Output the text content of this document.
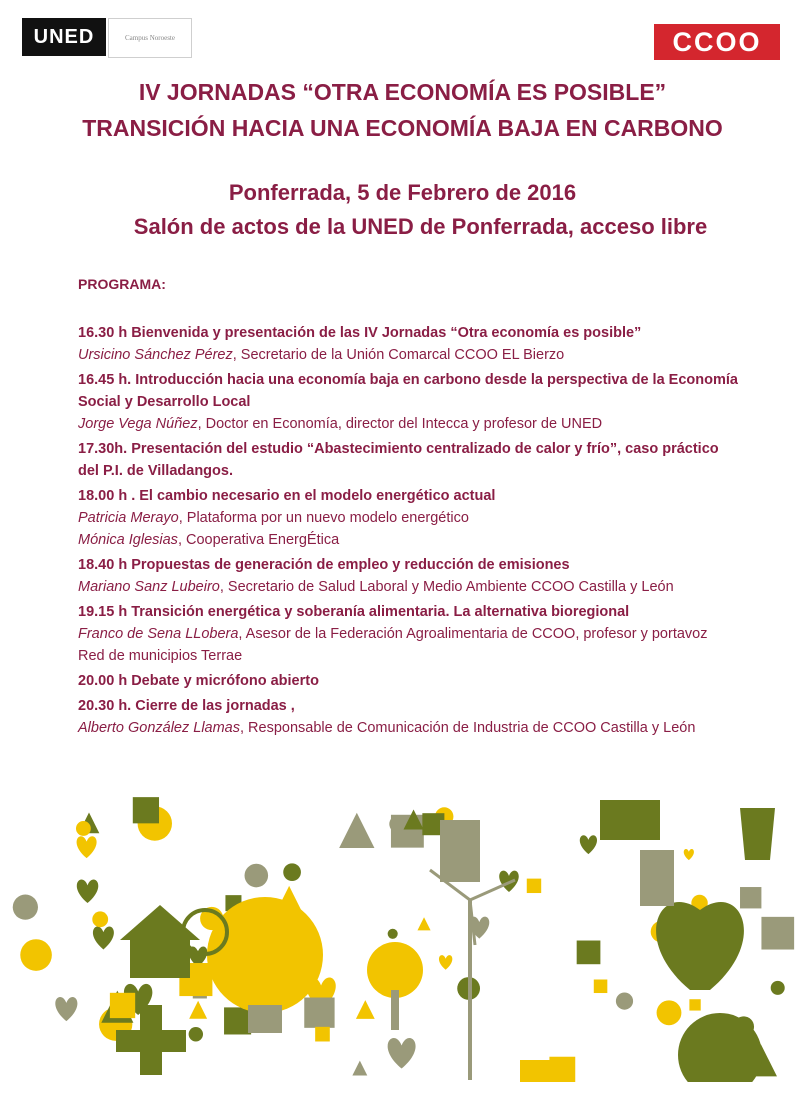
UNED	Campus Noroeste	CCOO
IV JORNADAS “OTRA ECONOMÍA ES POSIBLE”
TRANSICIÓN HACIA UNA ECONOMÍA BAJA EN CARBONO
Ponferrada, 5 de Febrero de 2016
Salón de actos de la UNED de Ponferrada, acceso libre
PROGRAMA:
16.30 h Bienvenida y presentación de las IV Jornadas “Otra economía es posible”
Ursicino Sánchez Pérez, Secretario de la Unión Comarcal CCOO EL Bierzo
16.45 h. Introducción hacia una economía baja en carbono desde la perspectiva de la Economía Social y Desarrollo Local
Jorge Vega Núñez, Doctor en Economía, director del Intecca y profesor de UNED
17.30h. Presentación del estudio “Abastecimiento centralizado de calor y frío”, caso práctico del P.I. de Villadangos.
18.00 h . El cambio necesario en el modelo energético actual
Patricia Merayo, Plataforma por un nuevo modelo energético
Mónica Iglesias, Cooperativa EnergÉtica
18.40 h Propuestas de generación de empleo y reducción de emisiones
Mariano Sanz Lubeiro, Secretario de Salud Laboral y Medio Ambiente CCOO Castilla y León
19.15 h Transición energética y soberanía alimentaria. La alternativa bioregional
Franco de Sena LLobera, Asesor de la Federación Agroalimentaria de CCOO, profesor y portavoz Red de municipios Terrae
20.00 h Debate y micrófono abierto
20.30 h. Cierre de las jornadas ,
Alberto González Llamas, Responsable de Comunicación de Industria de CCOO Castilla y León
